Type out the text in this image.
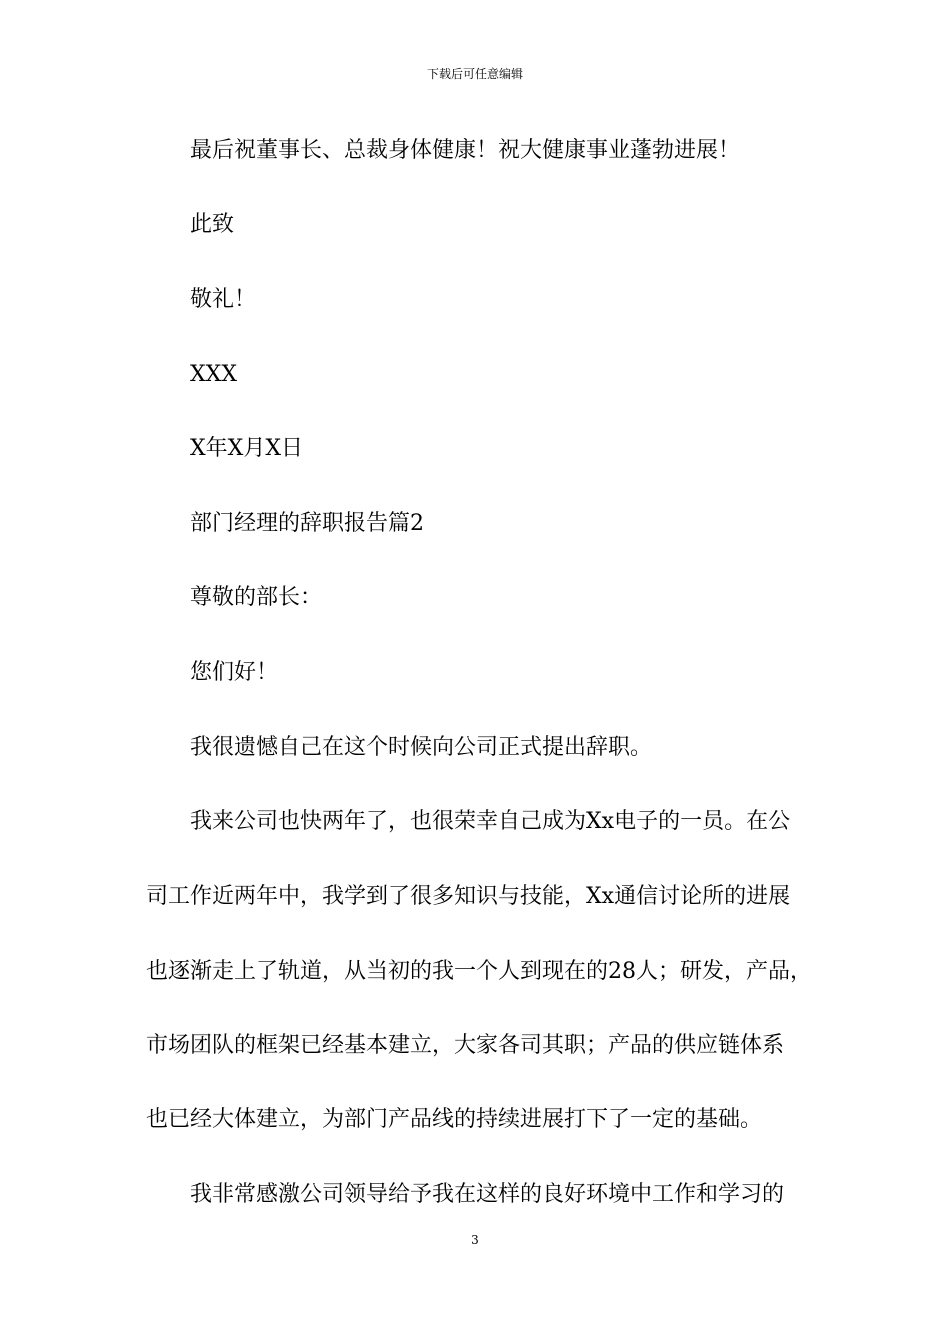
下载后可任意编辑
最后祝董事长、总裁身体健康！祝大健康事业蓬勃进展！
此致
敬礼！
XXX
X年X月X日
部门经理的辞职报告篇2
尊敬的部长：
您们好！
我很遗憾自己在这个时候向公司正式提出辞职。
我来公司也快两年了，也很荣幸自己成为Xx电子的一员。在公
司工作近两年中，我学到了很多知识与技能，Xx通信讨论所的进展
也逐渐走上了轨道，从当初的我一个人到现在的28人；研发，产品，
市场团队的框架已经基本建立，大家各司其职；产品的供应链体系
也已经大体建立，为部门产品线的持续进展打下了一定的基础。
我非常感激公司领导给予我在这样的良好环境中工作和学习的
3
